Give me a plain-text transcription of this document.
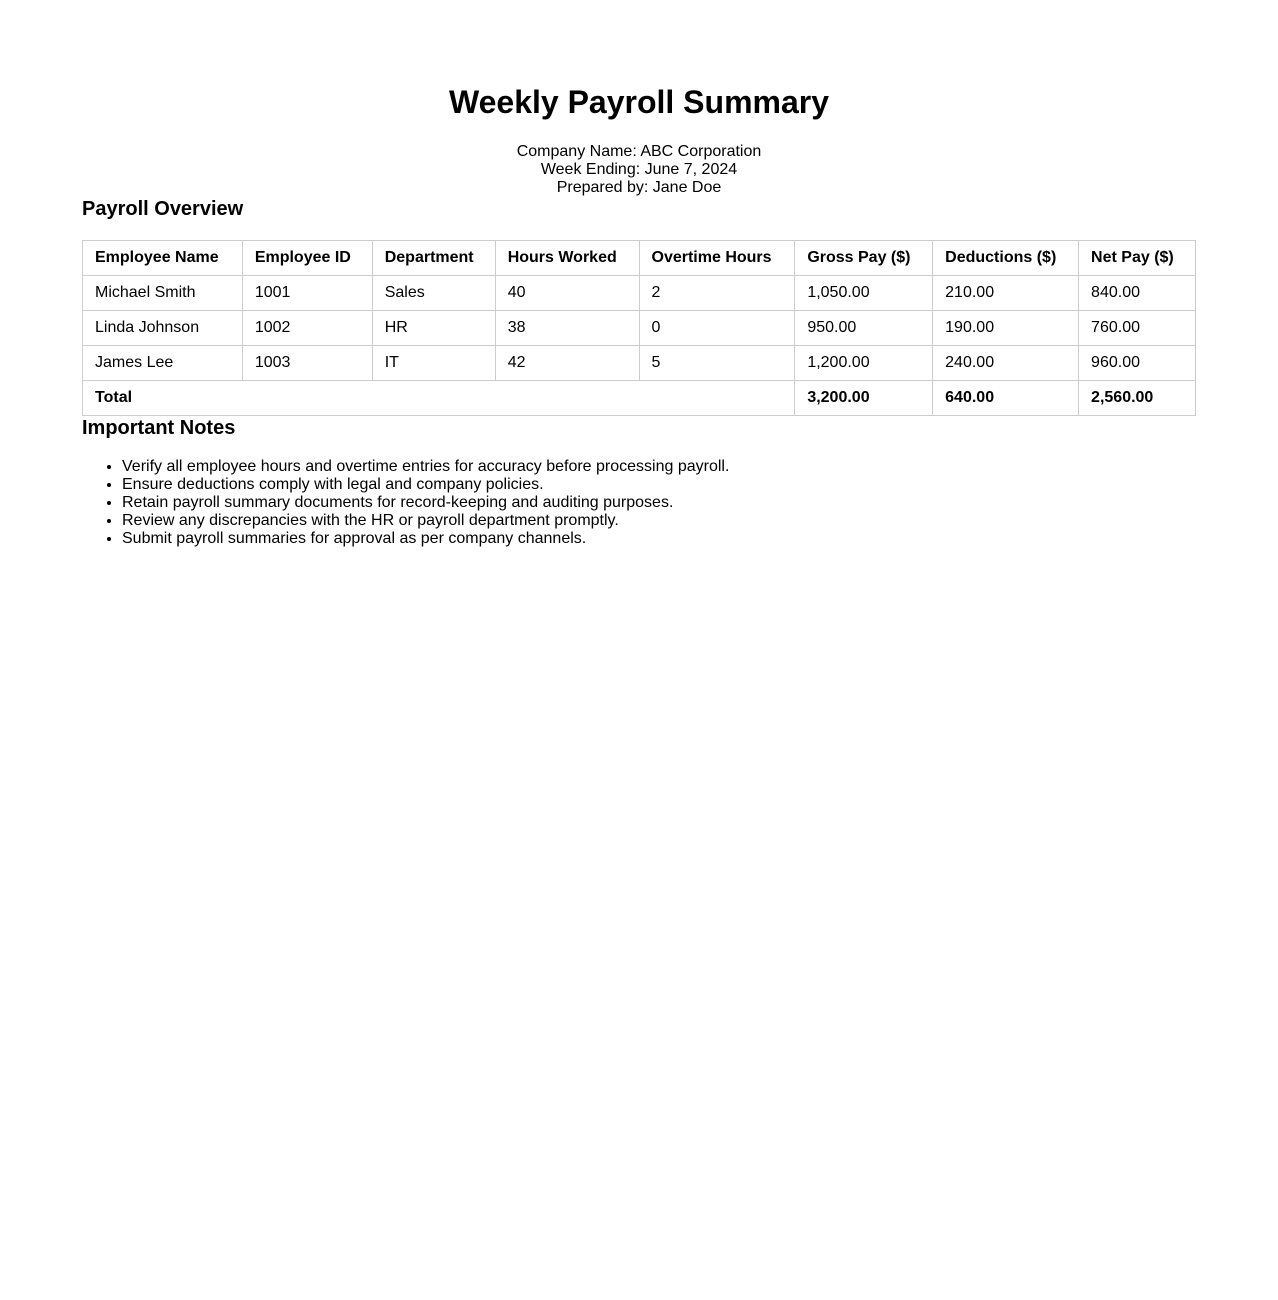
Weekly Payroll Summary
Company Name: ABC Corporation
Week Ending: June 7, 2024
Prepared by: Jane Doe
Payroll Overview
Employee Name	Employee ID	Department	Hours Worked	Overtime Hours	Gross Pay ($)	Deductions ($)	Net Pay ($)
Michael Smith	1001	Sales	40	2	1,050.00	210.00	840.00
Linda Johnson	1002	HR	38	0	950.00	190.00	760.00
James Lee	1003	IT	42	5	1,200.00	240.00	960.00
Total					3,200.00	640.00	2,560.00
Important Notes
• Verify all employee hours and overtime entries for accuracy before processing payroll.
• Ensure deductions comply with legal and company policies.
• Retain payroll summary documents for record-keeping and auditing purposes.
• Review any discrepancies with the HR or payroll department promptly.
• Submit payroll summaries for approval as per company channels.
